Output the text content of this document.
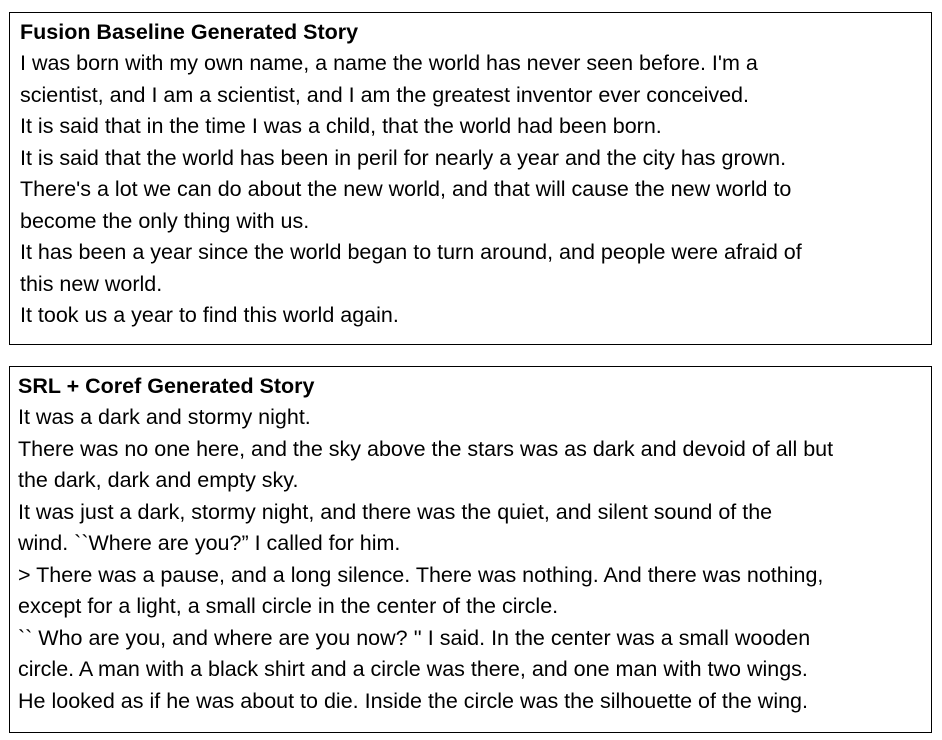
Fusion Baseline Generated Story
I was born with my own name, a name the world has never seen before. I'm a
scientist, and I am a scientist, and I am the greatest inventor ever conceived.
It is said that in the time I was a child, that the world had been born.
It is said that the world has been in peril for nearly a year and the city has grown.
There's a lot we can do about the new world, and that will cause the new world to
become the only thing with us.
It has been a year since the world began to turn around, and people were afraid of
this new world.
It took us a year to find this world again.
SRL + Coref Generated Story
It was a dark and stormy night.
There was no one here, and the sky above the stars was as dark and devoid of all but
the dark, dark and empty sky.
It was just a dark, stormy night, and there was the quiet, and silent sound of the
wind. ``Where are you?” I called for him.
> There was a pause, and a long silence. There was nothing. And there was nothing,
except for a light, a small circle in the center of the circle.
`` Who are you, and where are you now? '' I said. In the center was a small wooden
circle. A man with a black shirt and a circle was there, and one man with two wings.
He looked as if he was about to die. Inside the circle was the silhouette of the wing.
